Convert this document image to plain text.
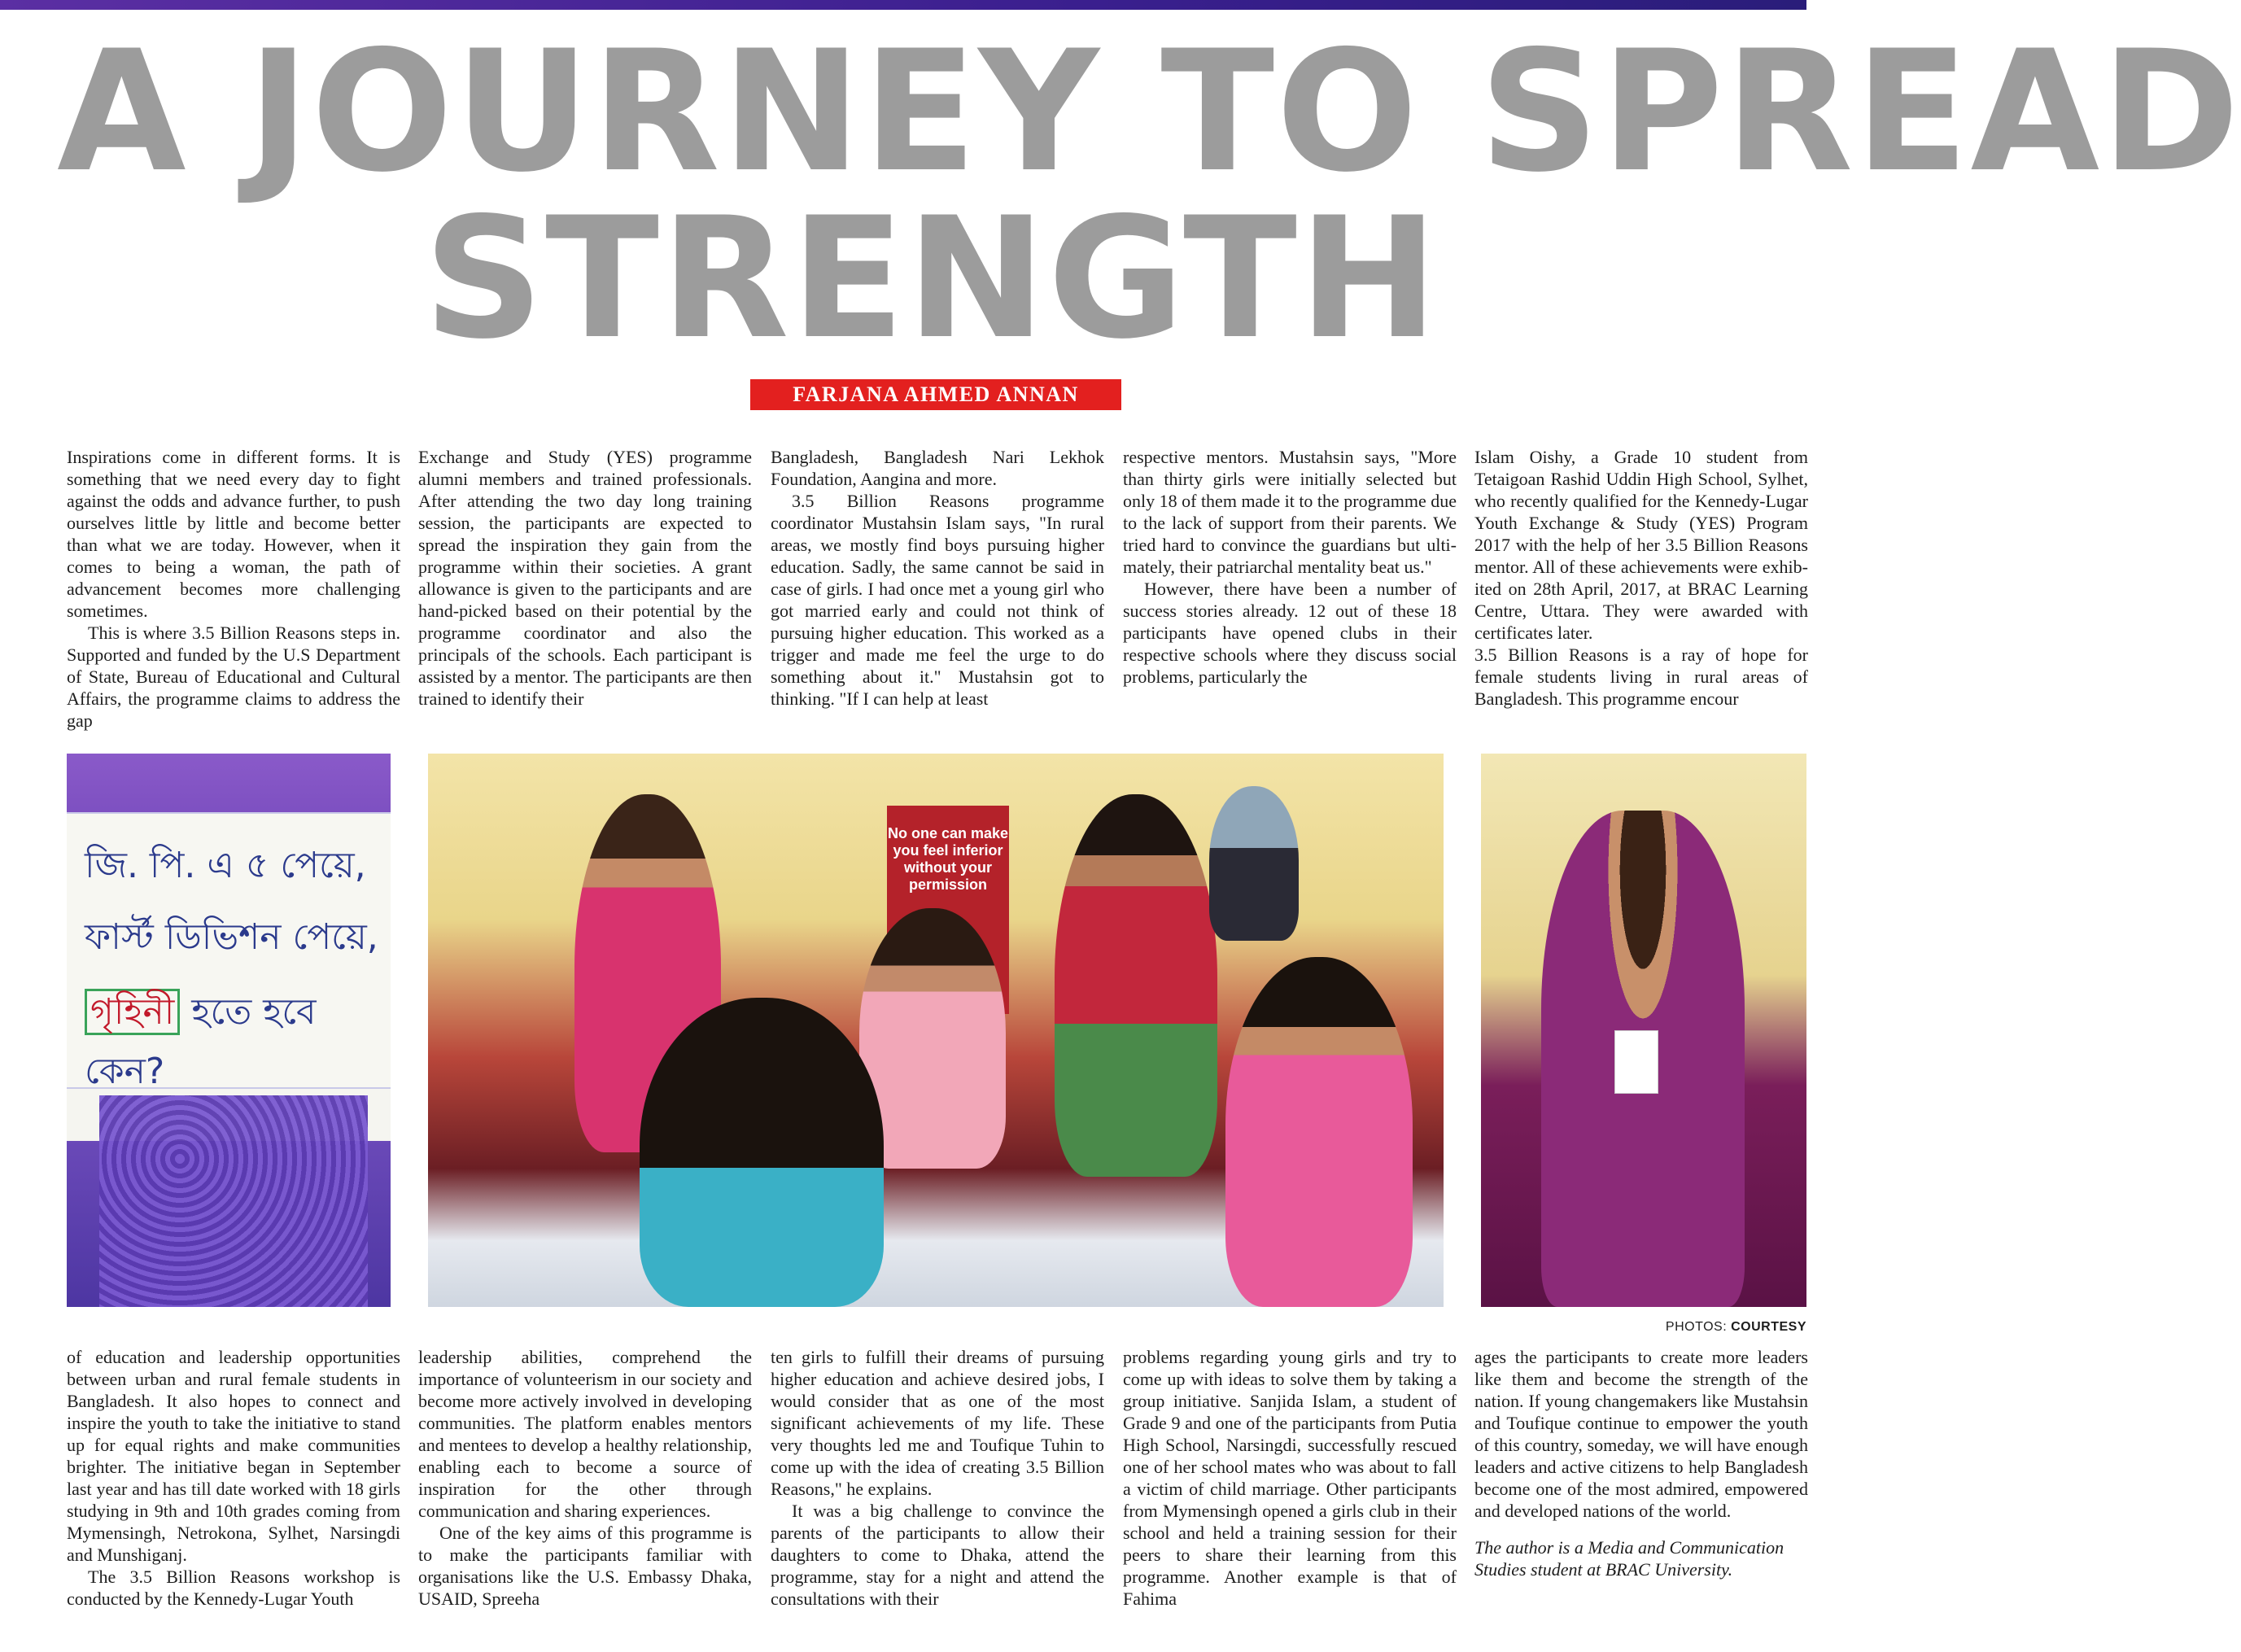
A JOURNEY TO SPREAD
STRENGTH
FARJANA AHMED ANNAN

Inspirations come in different forms. It is something that we need every day to fight against the odds and advance further, to push ourselves little by little and become better than what we are today. However, when it comes to being a woman, the path of advancement becomes more challenging sometimes.

This is where 3.5 Billion Reasons steps in. Supported and funded by the U.S Department of State, Bureau of Educational and Cultural Affairs, the programme claims to address the gap

Exchange and Study (YES) programme alumni members and trained professionals. After attending the two day long training session, the participants are expected to spread the inspiration they gain from the programme within their societies. A grant allowance is given to the participants and are hand-picked based on their potential by the programme coordinator and also the principals of the schools. Each participant is assisted by a mentor. The participants are then trained to identify their

Bangladesh, Bangladesh Nari Lekhok Foundation, Aangina and more.

3.5 Billion Reasons programme coordinator Mustahsin Islam says, "In rural areas, we mostly find boys pursuing higher education. Sadly, the same cannot be said in case of girls. I had once met a young girl who got married early and could not think of pursuing higher education. This worked as a trigger and made me feel the urge to do something about it." Mustahsin got to thinking. "If I can help at least

respective mentors. Mustahsin says, "More than thirty girls were initially selected but only 18 of them made it to the programme due to the lack of support from their parents. We tried hard to convince the guardians but ultimately, their patriarchal mentality beat us."

However, there have been a number of success stories already. 12 out of these 18 participants have opened clubs in their respective schools where they discuss social problems, particularly the

Islam Oishy, a Grade 10 student from Tetaigoan Rashid Uddin High School, Sylhet, who recently qualified for the Kennedy-Lugar Youth Exchange & Study (YES) Program 2017 with the help of her 3.5 Billion Reasons mentor. All of these achievements were exhibited on 28th April, 2017, at BRAC Learning Centre, Uttara. They were awarded with certificates later.

3.5 Billion Reasons is a ray of hope for female students living in rural areas of Bangladesh. This programme encour

জি. পি. এ ৫ পেয়ে,
ফার্স্ট ডিভিশন পেয়ে,
গৃহিনী হতে হবে কেন?
No one can make you feel inferior without your permission
PHOTOS: COURTESY

of education and leadership opportunities between urban and rural female students in Bangladesh. It also hopes to connect and inspire the youth to take the initiative to stand up for equal rights and make communities brighter. The initiative began in September last year and has till date worked with 18 girls studying in 9th and 10th grades coming from Mymensingh, Netrokona, Sylhet, Narsingdi and Munshiganj.

The 3.5 Billion Reasons workshop is conducted by the Kennedy-Lugar Youth

leadership abilities, comprehend the importance of volunteerism in our society and become more actively involved in developing communities. The platform enables mentors and mentees to develop a healthy relationship, enabling each to become a source of inspiration for the other through communication and sharing experiences.

One of the key aims of this programme is to make the participants familiar with organisations like the U.S. Embassy Dhaka, USAID, Spreeha

ten girls to fulfill their dreams of pursuing higher education and achieve desired jobs, I would consider that as one of the most significant achievements of my life. These very thoughts led me and Toufique Tuhin to come up with the idea of creating 3.5 Billion Reasons," he explains.

It was a big challenge to convince the parents of the participants to allow their daughters to come to Dhaka, attend the programme, stay for a night and attend the consultations with their

problems regarding young girls and try to come up with ideas to solve them by taking a group initiative. Sanjida Islam, a student of Grade 9 and one of the participants from Putia High School, Narsingdi, successfully rescued one of her school mates who was about to fall a victim of child marriage. Other participants from Mymensingh opened a girls club in their school and held a training session for their peers to share their learning from this programme. Another example is that of Fahima

ages the participants to create more leaders like them and become the strength of the nation. If young changemakers like Mustahsin and Toufique continue to empower the youth of this country, someday, we will have enough leaders and active citizens to help Bangladesh become one of the most admired, empowered and developed nations of the world.

The author is a Media and Communication Studies student at BRAC University.
